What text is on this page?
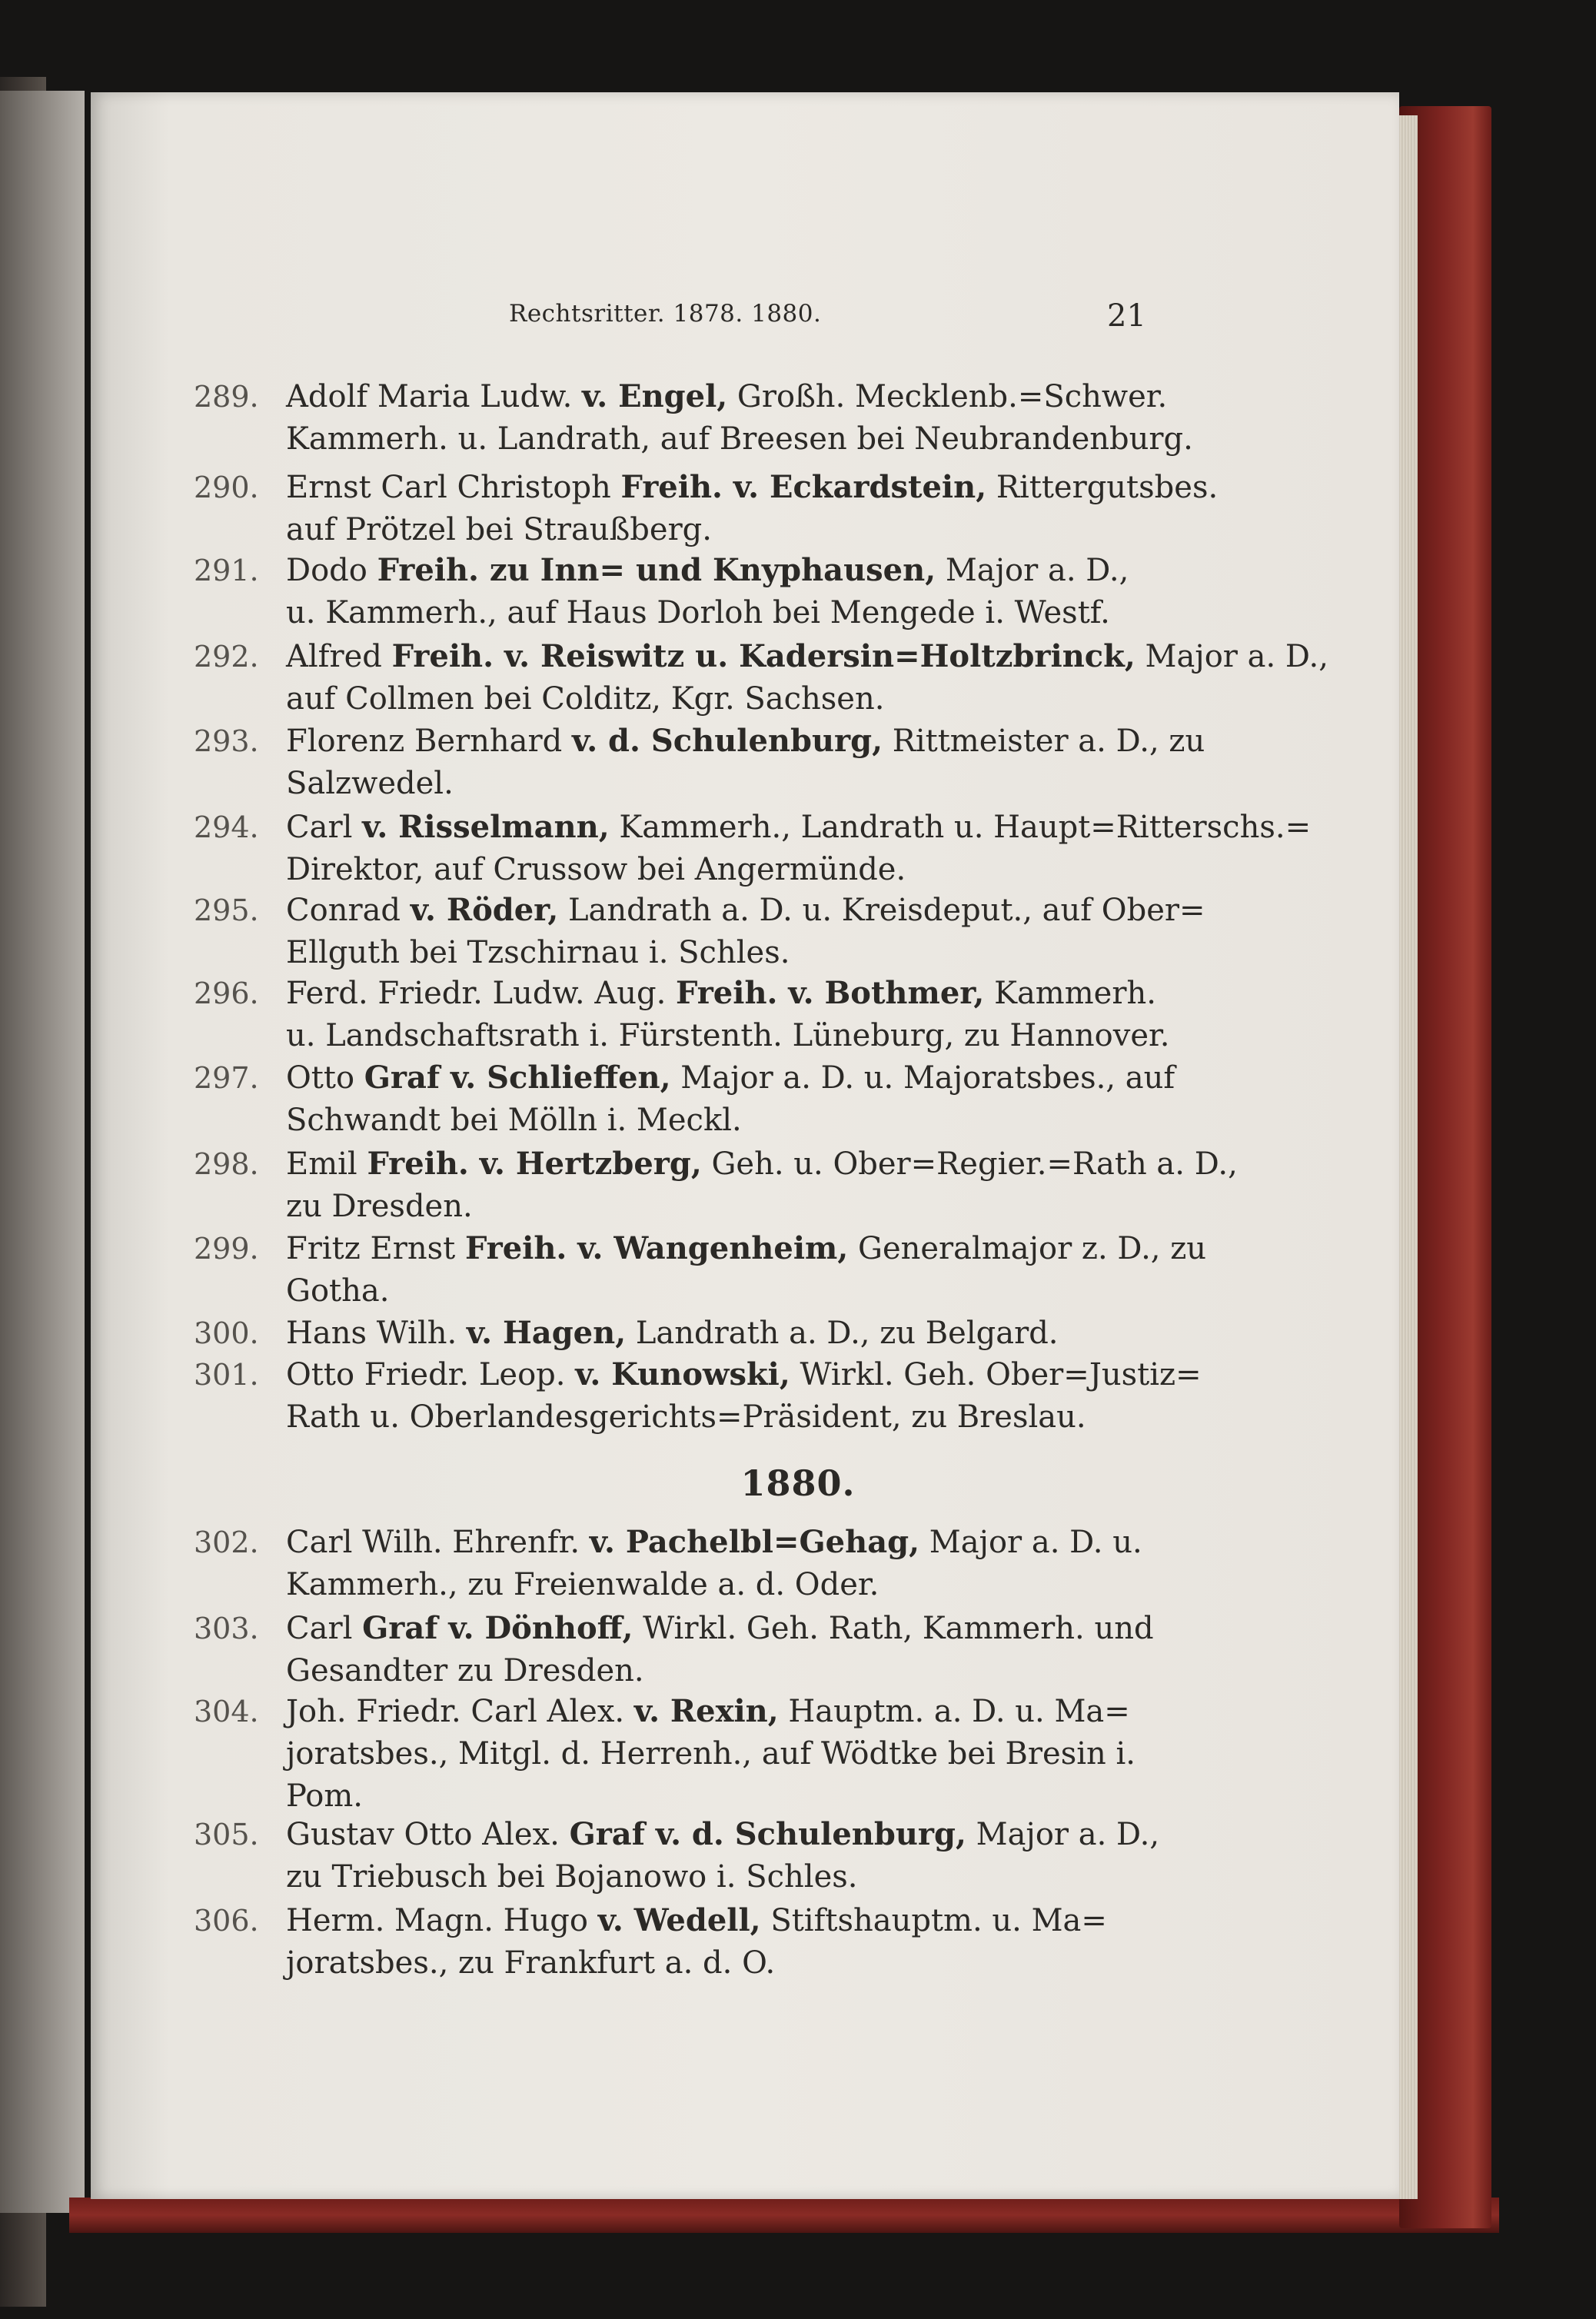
Rechtsritter. 1878. 1880.	21
289. Adolf Maria Ludw. v. Engel, Großh. Mecklenb.=Schwer.
Kammerh. u. Landrath, auf Breesen bei Neubrandenburg.
290. Ernst Carl Christoph Freih. v. Eckardstein, Rittergutsbes.
auf Prötzel bei Straußberg.
291. Dodo Freih. zu Inn= und Knyphausen, Major a. D.,
u. Kammerh., auf Haus Dorloh bei Mengede i. Westf.
292. Alfred Freih. v. Reiswitz u. Kadersin=Holtzbrinck, Major a. D.,
auf Collmen bei Colditz, Kgr. Sachsen.
293. Florenz Bernhard v. d. Schulenburg, Rittmeister a. D., zu
Salzwedel.
294. Carl v. Risselmann, Kammerh., Landrath u. Haupt=Ritterschs.=
Direktor, auf Crussow bei Angermünde.
295. Conrad v. Röder, Landrath a. D. u. Kreisdeput., auf Ober=
Ellguth bei Tzschirnau i. Schles.
296. Ferd. Friedr. Ludw. Aug. Freih. v. Bothmer, Kammerh.
u. Landschaftsrath i. Fürstenth. Lüneburg, zu Hannover.
297. Otto Graf v. Schlieffen, Major a. D. u. Majoratsbes., auf
Schwandt bei Mölln i. Meckl.
298. Emil Freih. v. Hertzberg, Geh. u. Ober=Regier.=Rath a. D.,
zu Dresden.
299. Fritz Ernst Freih. v. Wangenheim, Generalmajor z. D., zu
Gotha.
300. Hans Wilh. v. Hagen, Landrath a. D., zu Belgard.
301. Otto Friedr. Leop. v. Kunowski, Wirkl. Geh. Ober=Justiz=
Rath u. Oberlandesgerichts=Präsident, zu Breslau.
302. Carl Wilh. Ehrenfr. v. Pachelbl=Gehag, Major a. D. u.
Kammerh., zu Freienwalde a. d. Oder.
303. Carl Graf v. Dönhoff, Wirkl. Geh. Rath, Kammerh. und
Gesandter zu Dresden.
304. Joh. Friedr. Carl Alex. v. Rexin, Hauptm. a. D. u. Ma=
joratsbes., Mitgl. d. Herrenh., auf Wödtke bei Bresin i.
Pom.
305. Gustav Otto Alex. Graf v. d. Schulenburg, Major a. D.,
zu Triebusch bei Bojanowo i. Schles.
306. Herm. Magn. Hugo v. Wedell, Stiftshauptm. u. Ma=
joratsbes., zu Frankfurt a. d. O.
1880.
